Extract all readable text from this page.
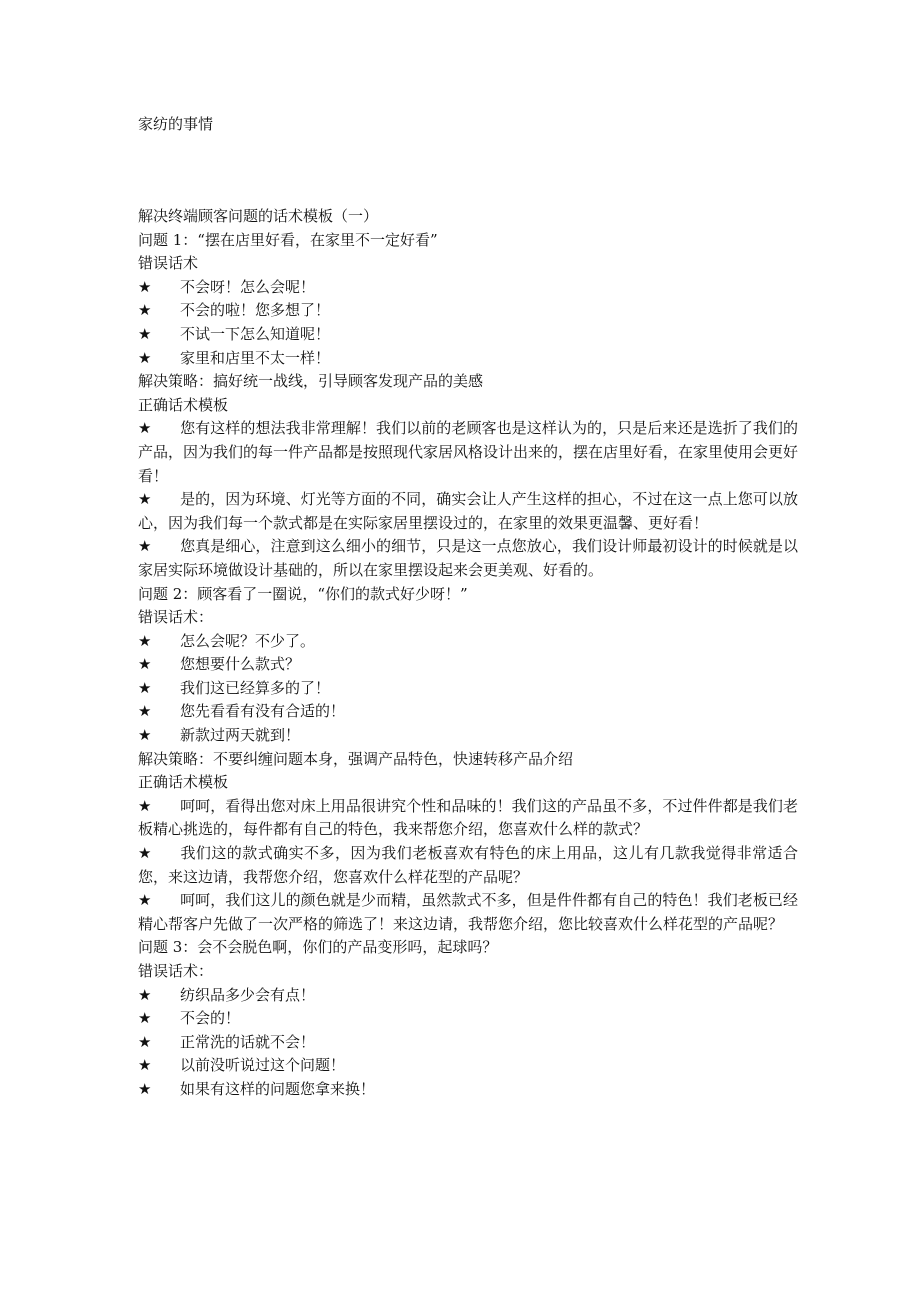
家纺的事情

解决终端顾客问题的话术模板（一）

问题 1：“摆在店里好看，在家里不一定好看”

错误话术

★ 不会呀！怎么会呢！
★ 不会的啦！您多想了！
★ 不试一下怎么知道呢！
★ 家里和店里不太一样！

解决策略：搞好统一战线，引导顾客发现产品的美感

正确话术模板

★ 您有这样的想法我非常理解！我们以前的老顾客也是这样认为的，只是后来还是选折了我们的产品，因为我们的每一件产品都是按照现代家居风格设计出来的，摆在店里好看，在家里使用会更好看！
★ 是的，因为环境、灯光等方面的不同，确实会让人产生这样的担心，不过在这一点上您可以放心，因为我们每一个款式都是在实际家居里摆设过的，在家里的效果更温馨、更好看！
★ 您真是细心，注意到这么细小的细节，只是这一点您放心，我们设计师最初设计的时候就是以家居实际环境做设计基础的，所以在家里摆设起来会更美观、好看的。

问题 2：顾客看了一圈说，“你们的款式好少呀！”

错误话术：

★ 怎么会呢？不少了。
★ 您想要什么款式？
★ 我们这已经算多的了！
★ 您先看看有没有合适的！
★ 新款过两天就到！

解决策略：不要纠缠问题本身，强调产品特色，快速转移产品介绍

正确话术模板

★ 呵呵，看得出您对床上用品很讲究个性和品味的！我们这的产品虽不多，不过件件都是我们老板精心挑选的，每件都有自己的特色，我来帮您介绍，您喜欢什么样的款式？
★ 我们这的款式确实不多，因为我们老板喜欢有特色的床上用品，这儿有几款我觉得非常适合您，来这边请，我帮您介绍，您喜欢什么样花型的产品呢？
★ 呵呵，我们这儿的颜色就是少而精，虽然款式不多，但是件件都有自己的特色！我们老板已经精心帮客户先做了一次严格的筛选了！来这边请，我帮您介绍，您比较喜欢什么样花型的产品呢？

问题 3：会不会脱色啊，你们的产品变形吗，起球吗？

错误话术：

★ 纺织品多少会有点！
★ 不会的！
★ 正常洗的话就不会！
★ 以前没听说过这个问题！
★ 如果有这样的问题您拿来换！
